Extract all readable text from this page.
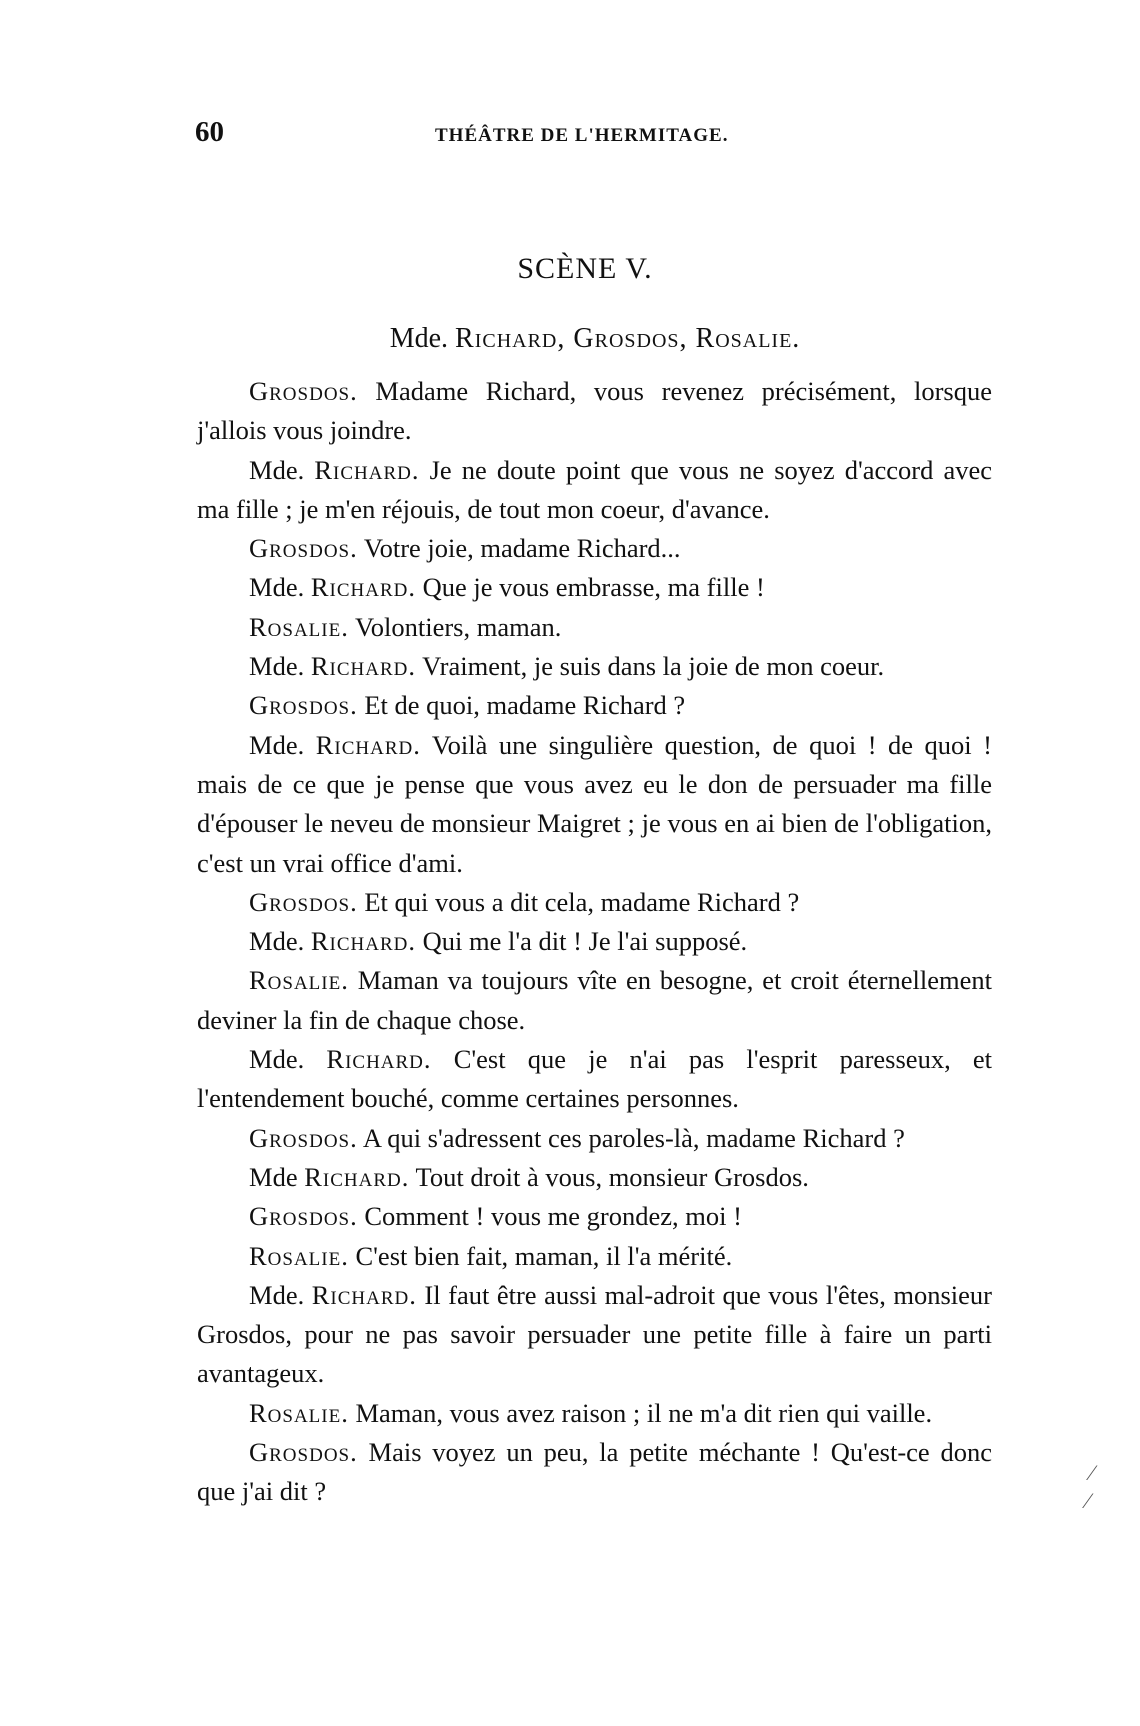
60	THÉÂTRE DE L'HERMITAGE.
SCÈNE V.
Mde. Richard, Grosdos, Rosalie.

Grosdos. Madame Richard, vous revenez précisément, lorsque j'allois vous joindre.

Mde. Richard. Je ne doute point que vous ne soyez d'accord avec ma fille ; je m'en réjouis, de tout mon coeur, d'avance.

Grosdos. Votre joie, madame Richard...

Mde. Richard. Que je vous embrasse, ma fille !

Rosalie. Volontiers, maman.

Mde. Richard. Vraiment, je suis dans la joie de mon coeur.

Grosdos. Et de quoi, madame Richard ?

Mde. Richard. Voilà une singulière question, de quoi ! de quoi ! mais de ce que je pense que vous avez eu le don de persuader ma fille d'épouser le neveu de monsieur Maigret ; je vous en ai bien de l'obligation, c'est un vrai office d'ami.

Grosdos. Et qui vous a dit cela, madame Richard ?

Mde. Richard. Qui me l'a dit ! Je l'ai supposé.

Rosalie. Maman va toujours vîte en besogne, et croit éternellement deviner la fin de chaque chose.

Mde. Richard. C'est que je n'ai pas l'esprit paresseux, et l'entendement bouché, comme certaines personnes.

Grosdos. A qui s'adressent ces paroles-là, madame Richard ?

Mde Richard. Tout droit à vous, monsieur Grosdos.

Grosdos. Comment ! vous me grondez, moi !

Rosalie. C'est bien fait, maman, il l'a mérité.

Mde. Richard. Il faut être aussi mal-adroit que vous l'êtes, monsieur Grosdos, pour ne pas savoir persuader une petite fille à faire un parti avantageux.

Rosalie. Maman, vous avez raison ; il ne m'a dit rien qui vaille.

Grosdos. Mais voyez un peu, la petite méchante ! Qu'est-ce donc que j'ai dit ?

⁄
⁄
